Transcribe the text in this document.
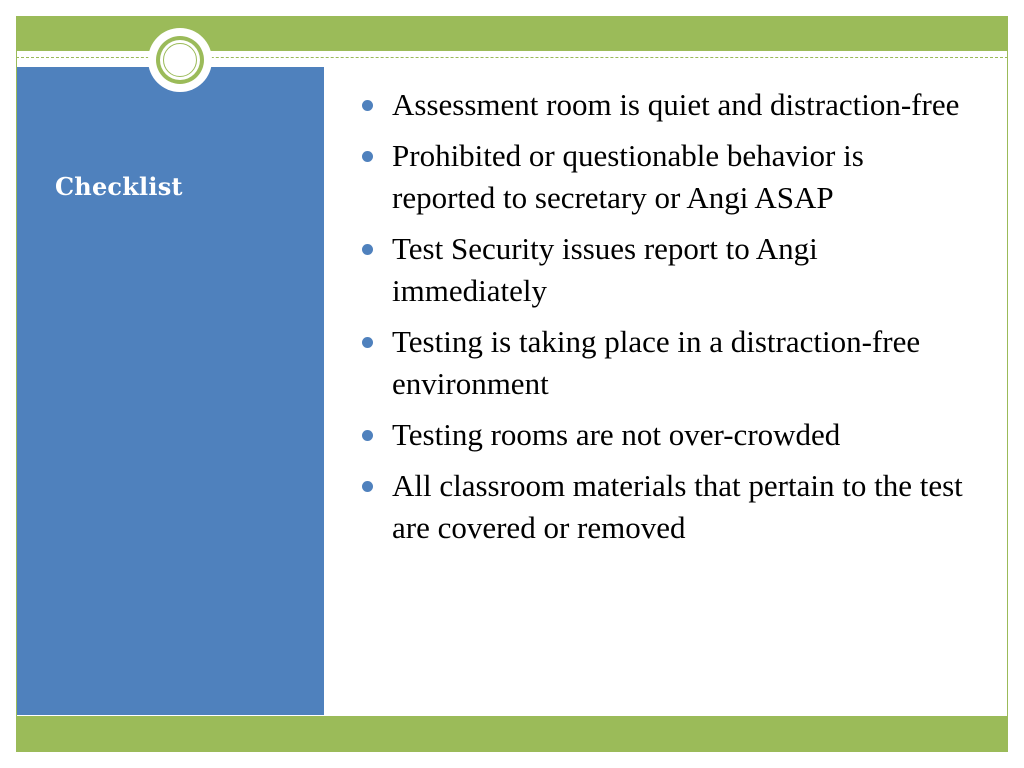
Checklist
Assessment room is quiet and distraction-free
Prohibited or questionable behavior is reported to secretary or Angi ASAP
Test Security issues report to Angi immediately
Testing is taking place in a distraction-free environment
Testing rooms are not over-crowded
All classroom materials that pertain to the test are covered or removed
